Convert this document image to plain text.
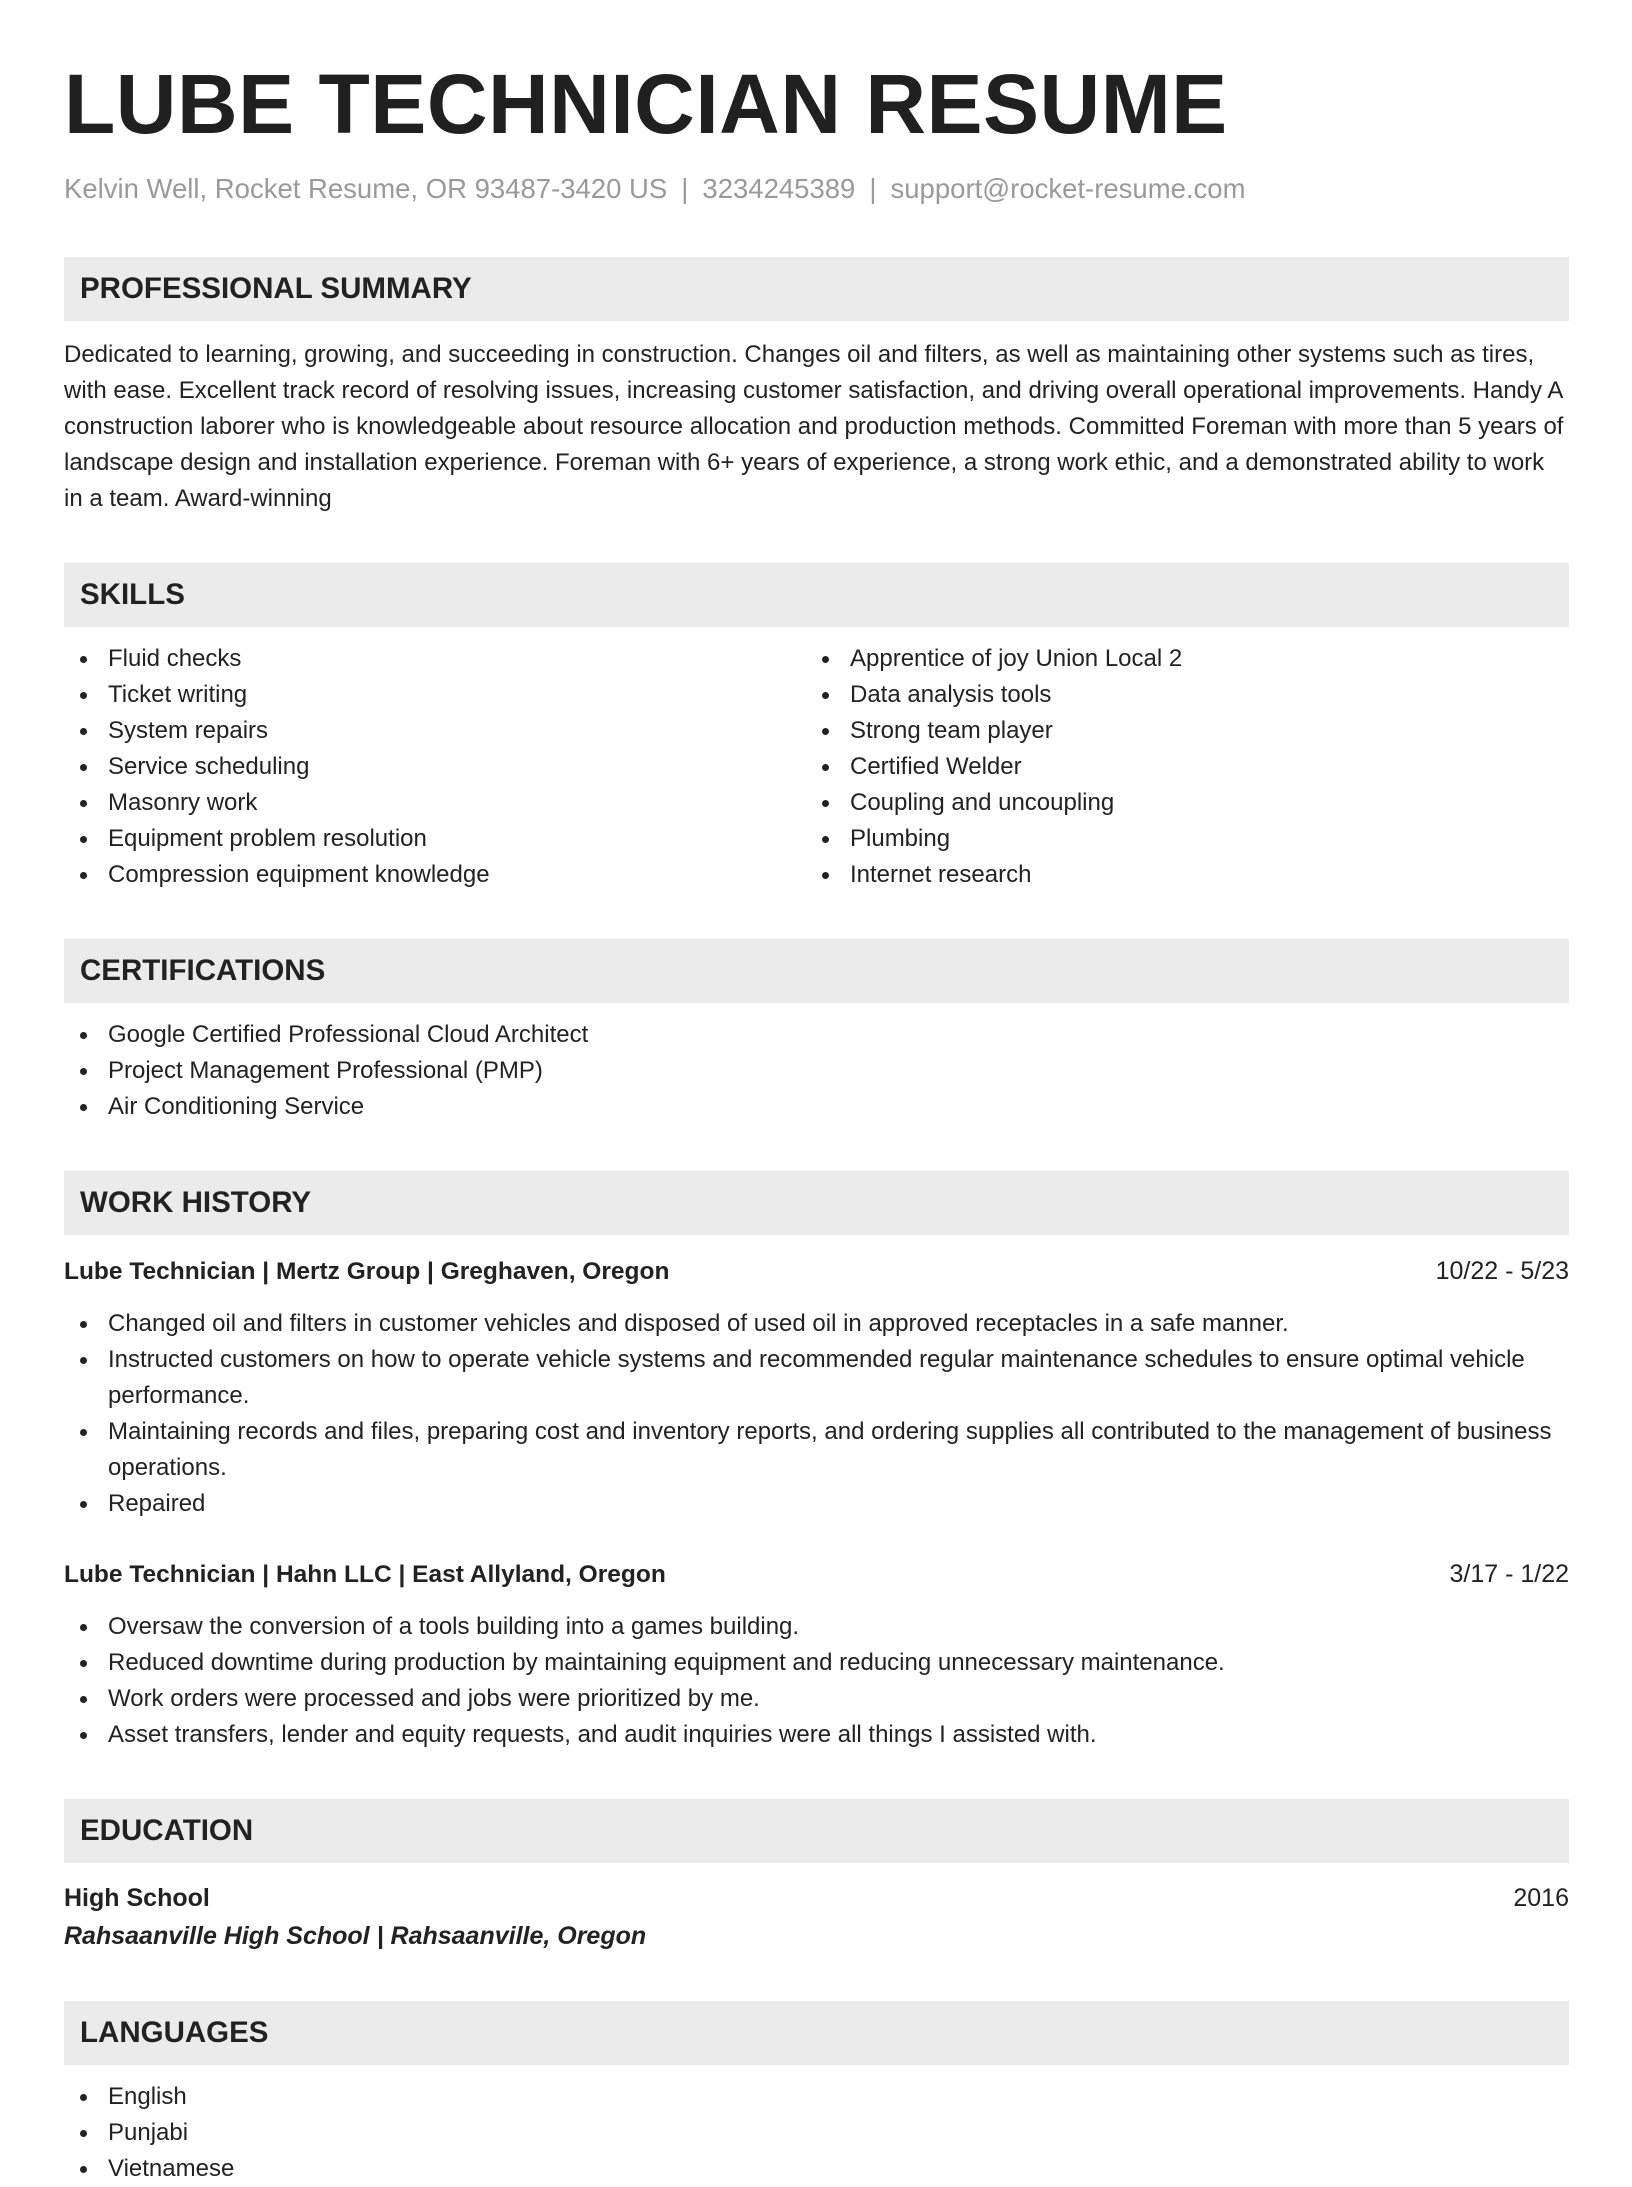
LUBE TECHNICIAN RESUME
Kelvin Well, Rocket Resume, OR 93487-3420 US | 3234245389 | support@rocket-resume.com
PROFESSIONAL SUMMARY
Dedicated to learning, growing, and succeeding in construction. Changes oil and filters, as well as maintaining other systems such as tires, with ease. Excellent track record of resolving issues, increasing customer satisfaction, and driving overall operational improvements. Handy A construction laborer who is knowledgeable about resource allocation and production methods. Committed Foreman with more than 5 years of landscape design and installation experience. Foreman with 6+ years of experience, a strong work ethic, and a demonstrated ability to work in a team. Award-winning
SKILLS
Fluid checks
Ticket writing
System repairs
Service scheduling
Masonry work
Equipment problem resolution
Compression equipment knowledge
Apprentice of joy Union Local 2
Data analysis tools
Strong team player
Certified Welder
Coupling and uncoupling
Plumbing
Internet research
CERTIFICATIONS
Google Certified Professional Cloud Architect
Project Management Professional (PMP)
Air Conditioning Service
WORK HISTORY
Lube Technician | Mertz Group | Greghaven, Oregon	10/22 - 5/23
Changed oil and filters in customer vehicles and disposed of used oil in approved receptacles in a safe manner.
Instructed customers on how to operate vehicle systems and recommended regular maintenance schedules to ensure optimal vehicle performance.
Maintaining records and files, preparing cost and inventory reports, and ordering supplies all contributed to the management of business operations.
Repaired
Lube Technician | Hahn LLC | East Allyland, Oregon	3/17 - 1/22
Oversaw the conversion of a tools building into a games building.
Reduced downtime during production by maintaining equipment and reducing unnecessary maintenance.
Work orders were processed and jobs were prioritized by me.
Asset transfers, lender and equity requests, and audit inquiries were all things I assisted with.
EDUCATION
High School	2016
Rahsaanville High School | Rahsaanville, Oregon
LANGUAGES
English
Punjabi
Vietnamese
